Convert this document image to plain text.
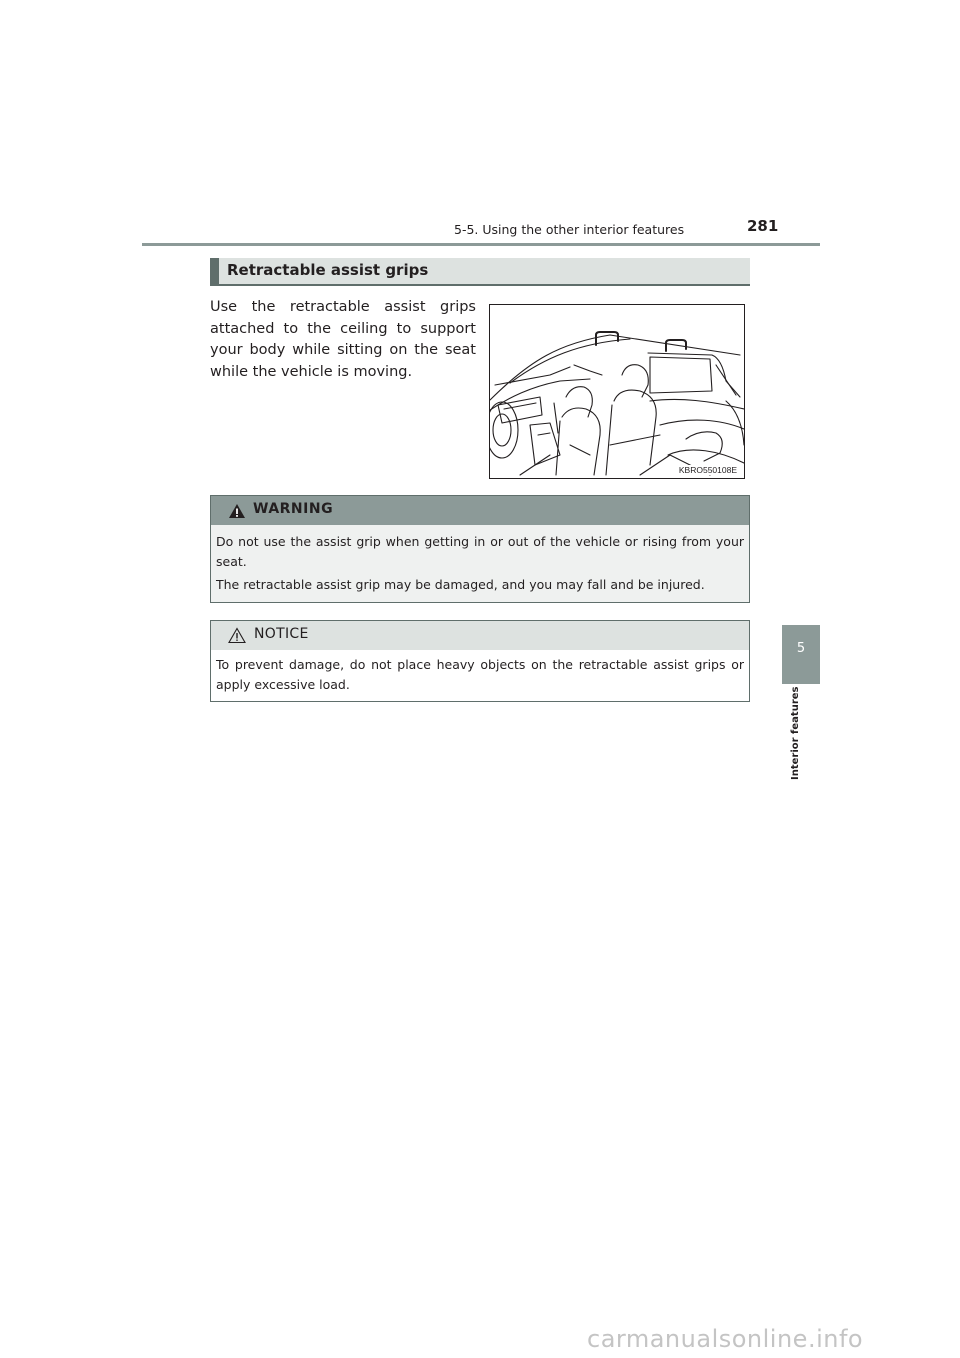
5-5. Using the other interior features	281
5
Interior features
Retractable assist grips

Use the retractable assist grips attached to the ceiling to support your body while sitting on the seat while the vehicle is moving.

KBRO550108E
WARNING

Do not use the assist grip when getting in or out of the vehicle or rising from your seat.

The retractable assist grip may be damaged, and you may fall and be injured.

NOTICE

To prevent damage, do not place heavy objects on the retractable assist grips or apply excessive load.

carmanualsonline.info
